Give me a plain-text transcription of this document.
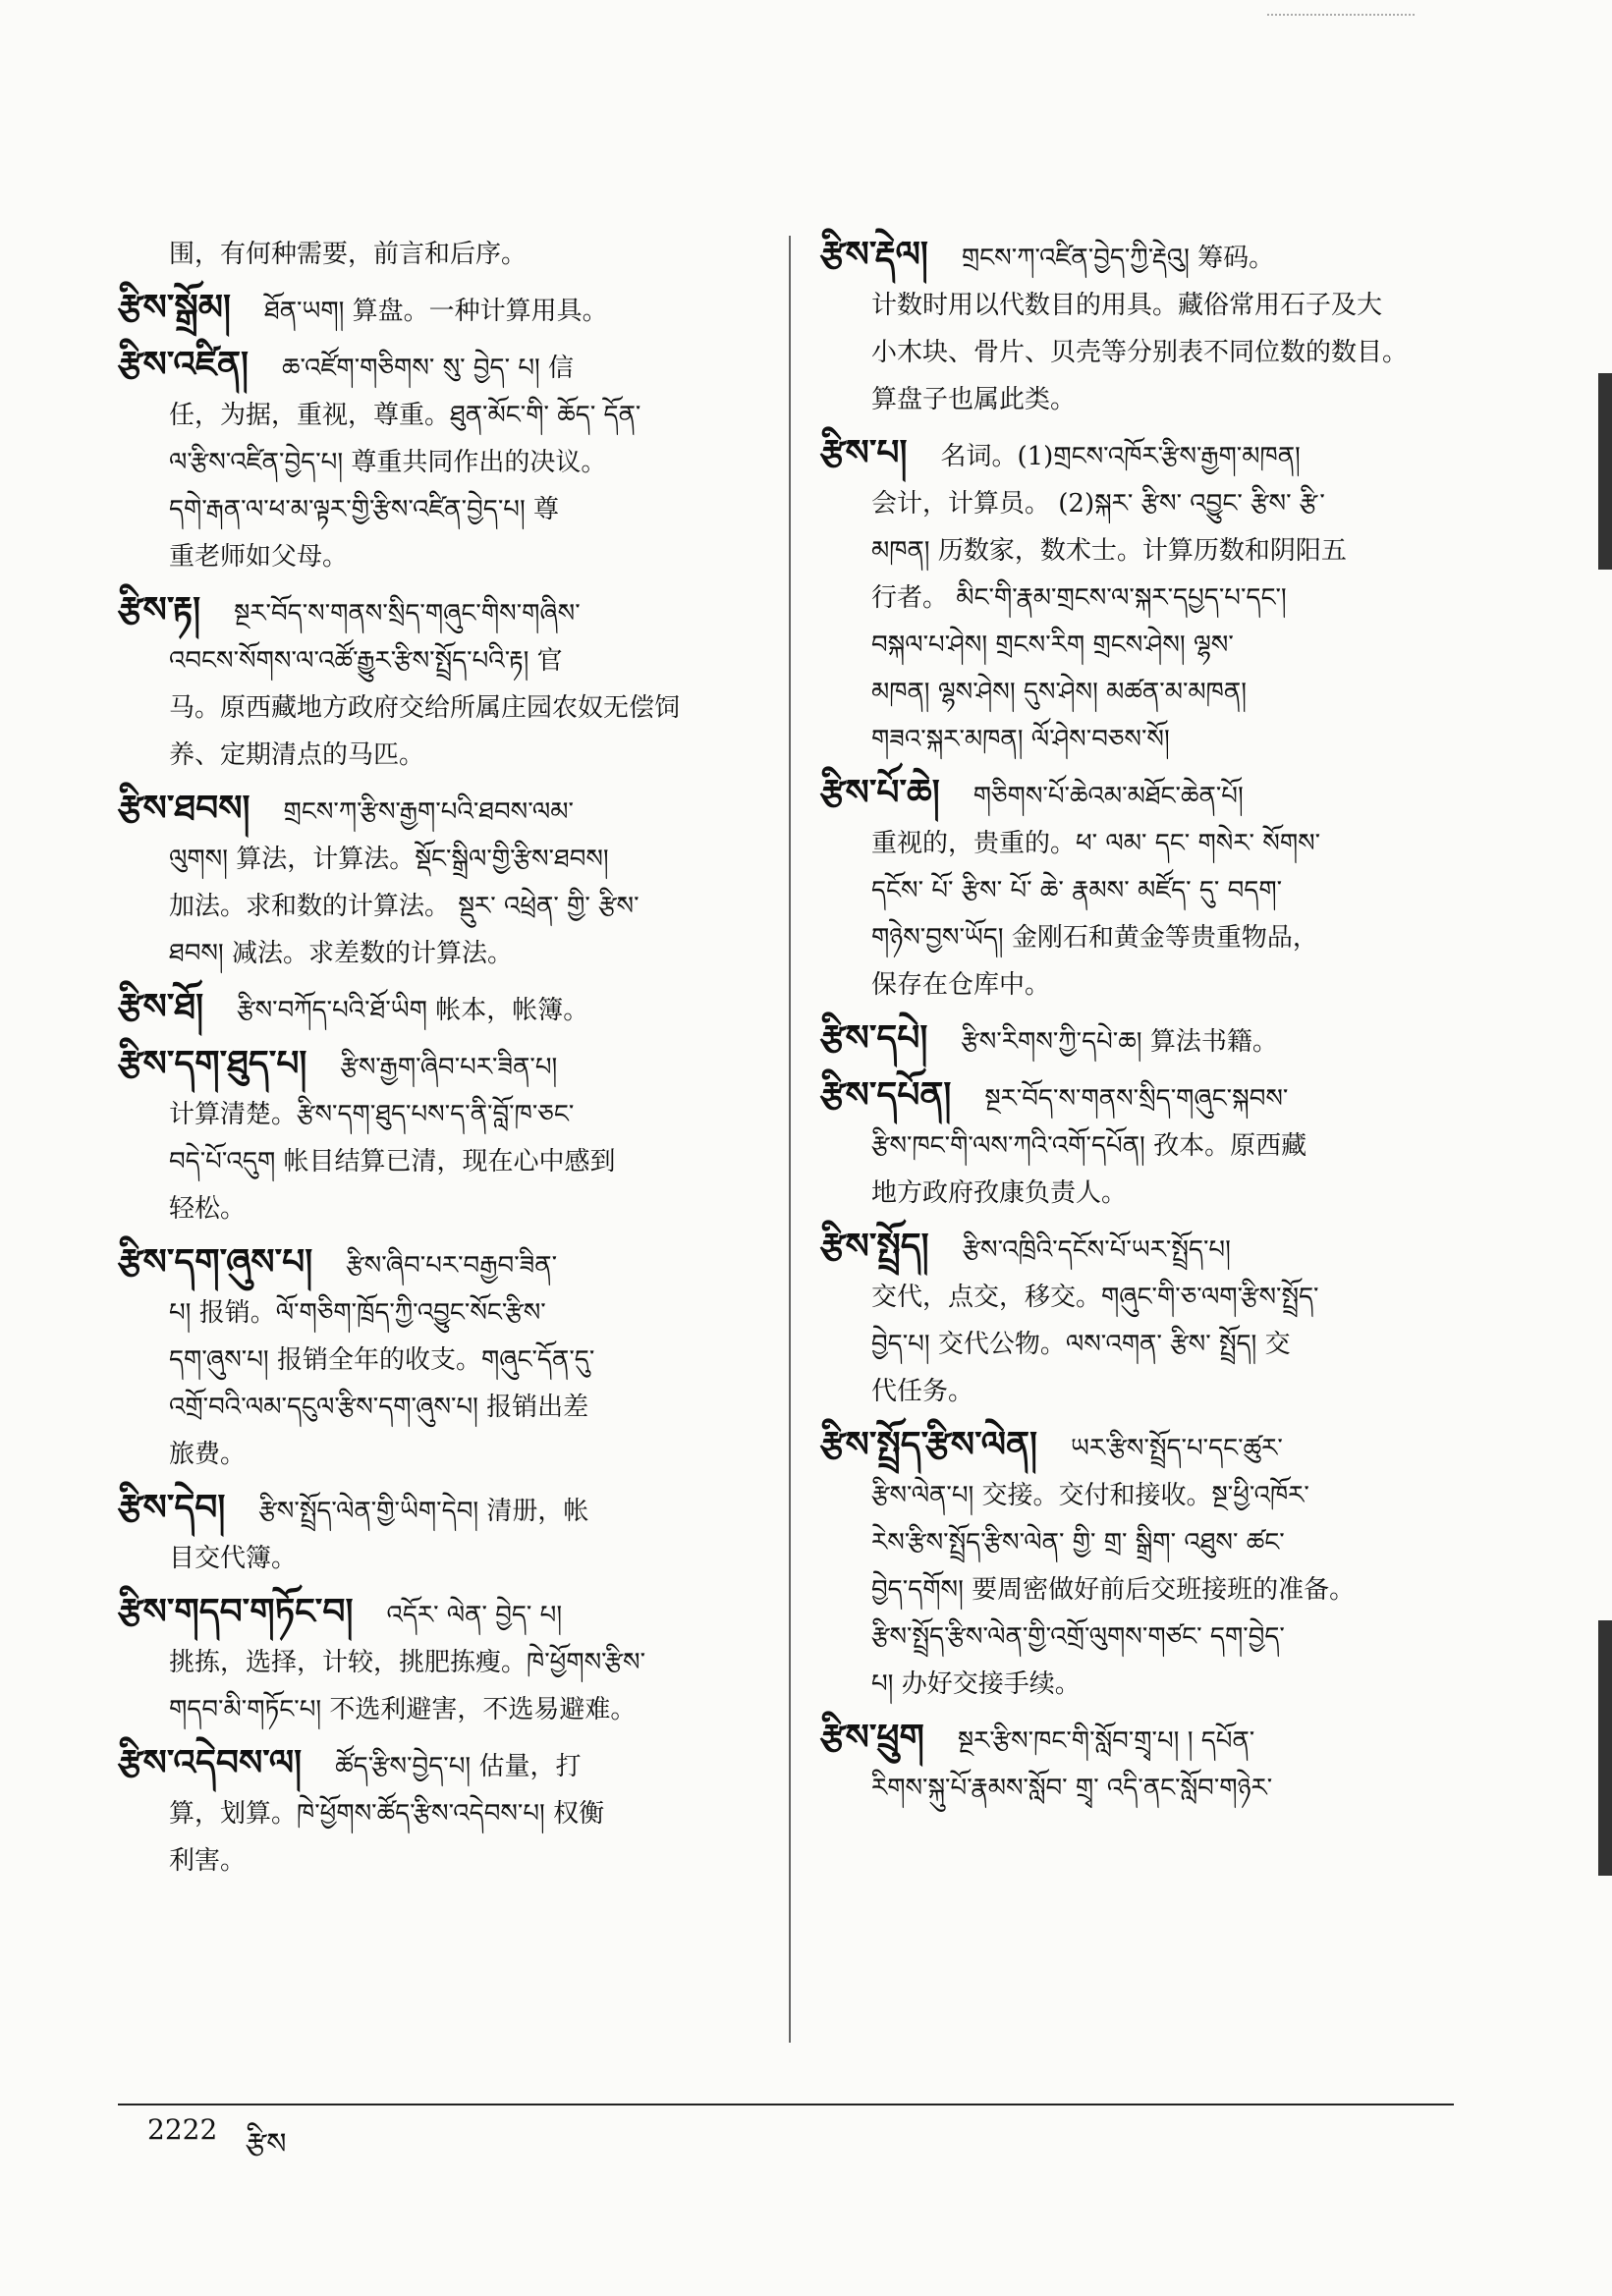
围，有何种需要，前言和后序。
རྩིས་སྒྲོམ། ཐོན་ཡག། 算盘。一种计算用具。
རྩིས་འཛིན། ཆ་འཛོག་གཅིགས་ སུ་ བྱེད་ པ། 信
任，为据，重视，尊重。ཐུན་མོང་གི་ ཆོད་ དོན་
ལ་རྩིས་འཛིན་བྱེད་པ། 尊重共同作出的决议。
དགེ་རྒན་ལ་ཕ་མ་ལྟར་གྱི་རྩིས་འཛིན་བྱེད་པ། 尊
重老师如父母。
རྩིས་རྟ། སྔར་བོད་ས་གནས་སྲིད་གཞུང་གིས་གཞིས་
འབངས་སོགས་ལ་འཚོ་རྒྱུར་རྩིས་སྤྲོད་པའི་རྟ། 官
马。原西藏地方政府交给所属庄园农奴无偿饲
养、定期清点的马匹。
རྩིས་ཐབས། གྲངས་ཀ་རྩིས་རྒྱག་པའི་ཐབས་ལམ་
ལུགས། 算法，计算法。སྡོང་སྒྲིལ་གྱི་རྩིས་ཐབས།
加法。求和数的计算法。 སྡུར་ འཕྲེན་ གྱི་ རྩིས་
ཐབས། 减法。求差数的计算法。
རྩིས་ཐོ། རྩིས་བཀོད་པའི་ཐོ་ཡིག 帐本，帐簿。
རྩིས་དག་ཐུད་པ། རྩིས་རྒྱག་ཞིབ་པར་ཟིན་པ།
计算清楚。རྩིས་དག་ཐུད་པས་ད་ནི་བློ་ཁ་ཅང་
བདེ་པོ་འདུག 帐目结算已清，现在心中感到
轻松。
རྩིས་དག་ཞུས་པ། རྩིས་ཞིབ་པར་བརྒྱབ་ཟིན་
པ། 报销。ལོ་གཅིག་ཁྲོད་ཀྱི་འབྱུང་སོང་རྩིས་
དག་ཞུས་པ། 报销全年的收支。གཞུང་དོན་དུ་
འགྲོ་བའི་ལམ་དངུལ་རྩིས་དག་ཞུས་པ། 报销出差
旅费。
རྩིས་དེབ། རྩིས་སྤྲོད་ལེན་གྱི་ཡིག་དེབ། 清册，帐
目交代簿。
རྩིས་གདབ་གཏོང་བ། འདོར་ ལེན་ བྱེད་ པ།
挑拣，选择，计较，挑肥拣瘦。ཁེ་ཕྱོགས་རྩིས་
གདབ་མི་གཏོང་པ། 不选利避害，不选易避难。
རྩིས་འདེབས་ལ། ཚོད་རྩིས་བྱེད་པ། 估量，打
算，划算。ཁེ་ཕྱོགས་ཚོད་རྩིས་འདེབས་པ། 权衡
利害。
རྩིས་རྡེལ། གྲངས་ཀ་འཛིན་བྱེད་ཀྱི་རྡེའུ། 筹码。
计数时用以代数目的用具。藏俗常用石子及大
小木块、骨片、贝壳等分别表不同位数的数目。
算盘子也属此类。
རྩིས་པ། 名词。(1)གྲངས་འཁོར་རྩིས་རྒྱག་མཁན།
会计，计算员。 (2)སྐར་ རྩིས་ འབྱུང་ རྩིས་ རྩི་
མཁན། 历数家，数术士。计算历数和阴阳五
行者。 མིང་གི་རྣམ་གྲངས་ལ་སྐར་དཔྱད་པ་དང་།
བསྐལ་པ་ཤེས། གྲངས་རིག གྲངས་ཤེས། ལྷས་
མཁན། ལྷས་ཤེས། དུས་ཤེས། མཚན་མ་མཁན།
གཟའ་སྐར་མཁན། ལོ་ཤེས་བཅས་སོ།
རྩིས་པོ་ཆེ། གཅིགས་པོ་ཆེའམ་མཐོང་ཆེན་པོ།
重视的，贵重的。ཕ་ ལམ་ དང་ གསེར་ སོགས་
དངོས་ པོ་ རྩིས་ པོ་ ཆེ་ རྣམས་ མཛོད་ དུ་ བདག་
གཉེས་བྱས་ཡོད། 金刚石和黄金等贵重物品，
保存在仓库中。
རྩིས་དཔེ། རྩིས་རིགས་ཀྱི་དཔེ་ཆ། 算法书籍。
རྩིས་དཔོན། སྔར་བོད་ས་གནས་སྲིད་གཞུང་སྐབས་
རྩིས་ཁང་གི་ལས་ཀའི་འགོ་དཔོན། 孜本。原西藏
地方政府孜康负责人。
རྩིས་སྤྲོད། རྩིས་འཁྲིའི་དངོས་པོ་ཡར་སྤྲོད་པ།
交代，点交，移交。གཞུང་གི་ཅ་ལག་རྩིས་སྤྲོད་
བྱེད་པ། 交代公物。ལས་འགན་ རྩིས་ སྤྲོད། 交
代任务。
རྩིས་སྤྲོད་རྩིས་ལེན། ཡར་རྩིས་སྤྲོད་པ་དང་ཚུར་
རྩིས་ལེན་པ། 交接。交付和接收。སྔ་ཕྱི་འཁོར་
རེས་རྩིས་སྤྲོད་རྩིས་ལེན་ གྱི་ གྲ་ སྒྲིག་ འཐུས་ ཚང་
བྱེད་དགོས། 要周密做好前后交班接班的准备。
རྩིས་སྤྲོད་རྩིས་ལེན་གྱི་འགྲོ་ལུགས་གཙང་ དག་བྱེད་
པ། 办好交接手续。
རྩིས་ཕྲུག སྔར་རྩིས་ཁང་གི་སློབ་གྲྭ་པ། ། དཔོན་
རིགས་སྐུ་པོ་རྣམས་སློབ་ གྲྭ་ འདི་ནང་སློབ་གཉེར་
2222 རྩིས
